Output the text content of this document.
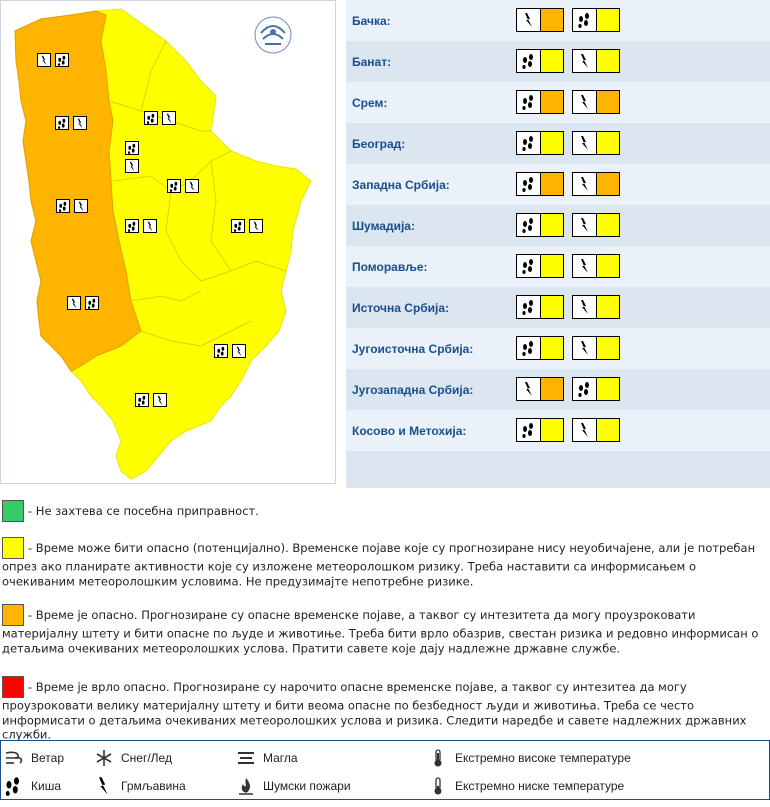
Бачка:
Банат:
Срем:
Београд:
Западна Србија:
Шумадија:
Поморавље:
Источна Србија:
Југоисточна Србија:
Југозападна Србија:
Косово и Метохија:
- Не захтева се посебна приправност.
- Време може бити опасно (потенцијално). Временске појаве које су прогнозиране нису неуобичајене, али је потребан опрез ако планирате активности које су изложене метеоролошком ризику. Треба наставити са информисањем о очекиваним метеоролошким условима. Не предузимајте непотребне ризике.
- Време је опасно. Прогнозиране су опасне временске појаве, а таквог су интезитета да могу проузроковати материјалну штету и бити опасне по људе и животиње. Треба бити врло обазрив, свестан ризика и редовно информисан о детаљима очекиваних метеоролошких услова. Пратити савете које дају надлежне државне службе.
- Време је врло опасно. Прогнозиране су нарочито опасне временске појаве, а таквог су интезитеа да могу проузроковати велику материјалну штету и бити веома опасне по безбедност људи и животиња. Треба се често информисати о детаљима очекиваних метеоролошких услова и ризика. Следити наредбе и савете надлежних државних служби.
Ветар
Киша
Снег/Лед
Грмљавина
Магла
Шумски пожари
Екстремно високе температуре
Екстремно ниске температуре
